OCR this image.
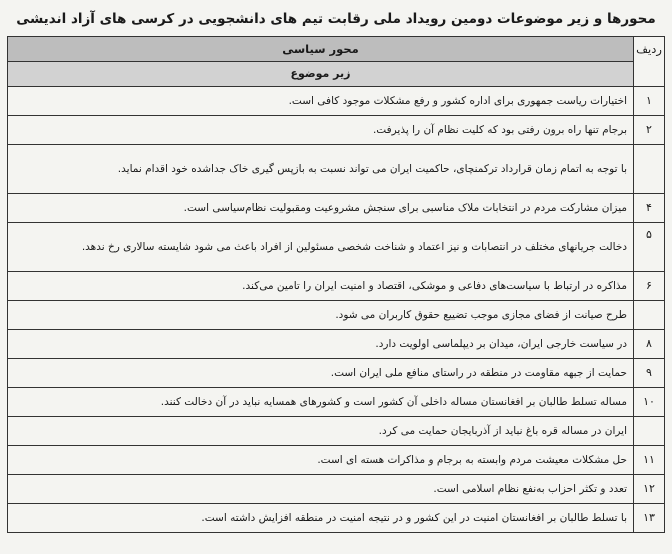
محورها و زیر موضوعات دومین رویداد ملی رقابت تیم های دانشجویی در کرسی های آزاد اندیشی
ردیف	محور سیاسی
	زیر موضوع
۱	اختیارات ریاست جمهوری برای اداره کشور و رفع مشکلات موجود کافی است.
۲	برجام تنها راه برون رفتی بود که کلیت نظام آن را پذیرفت.
	با توجه به اتمام زمان قرارداد ترکمنچای، حاکمیت ایران می تواند نسبت به بازپس گیری خاک جداشده خود اقدام نماید.
۴	میزان مشارکت مردم در انتخابات ملاک مناسبی برای سنجش مشروعیت ومقبولیت نظام‌سیاسی است.
۵	دخالت جریانهای مختلف در انتصابات و نیز اعتماد و شناخت شخصی مسئولین از افراد باعث می شود شایسته سالاری رخ ندهد.
۶	مذاکره در ارتباط با سیاست‌های دفاعی و موشکی، اقتصاد و امنیت ایران را تامین می‌کند.
	طرح صیانت از فضای مجازی موجب تضییع حقوق کاربران می شود.
۸	در سیاست خارجی ایران، میدان بر دیپلماسی اولویت دارد.
۹	حمایت از جبهه مقاومت در منطقه در راستای منافع ملی ایران است.
۱۰	مساله تسلط طالبان بر افغانستان مساله داخلی آن کشور است و کشورهای همسایه نباید در آن دخالت کنند.
	ایران در مساله قره باغ نباید از آذربایجان حمایت می کرد.
۱۱	حل مشکلات معیشت مردم وابسته به برجام و مذاکرات هسته ای است.
۱۲	تعدد و تکثر احزاب بەنفع نظام اسلامی است.
۱۳	با تسلط طالبان بر افغانستان امنیت در این کشور و در نتیجه امنیت در منطقه افزایش داشته است.
